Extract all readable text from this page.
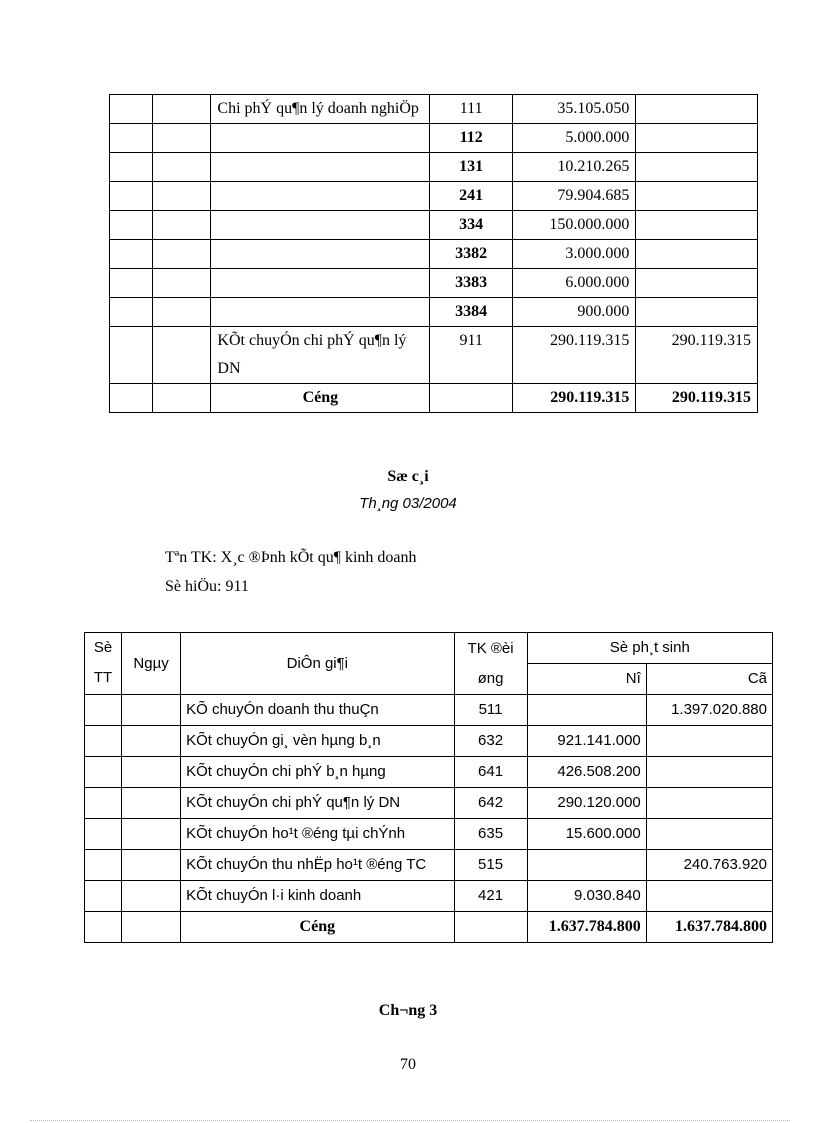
		Chi phÝ qu¶n lý doanh nghiÖp	111	35.105.050	
			112	5.000.000	
			131	10.210.265	
			241	79.904.685	
			334	150.000.000	
			3382	3.000.000	
			3383	6.000.000	
			3384	900.000	
		KÕt chuyÓn chi phÝ qu¶n lý DN	911	290.119.315	290.119.315
		Céng		290.119.315	290.119.315
Sæ c¸i
Th¸ng 03/2004
Tªn TK: X¸c ®Þnh kÕt qu¶ kinh doanh
Sè hiÖu: 911
Sè TT	Ngµy	DiÔn gi¶i	TK ®èi øng	Sè ph¸t sinh	
				Nî	Cã
		KÕ chuyÓn doanh thu thuÇn	511		1.397.020.880
		KÕt chuyÓn gi¸ vèn hµng b¸n	632	921.141.000	
		KÕt chuyÓn chi phÝ b¸n hµng	641	426.508.200	
		KÕt chuyÓn chi phÝ qu¶n lý DN	642	290.120.000	
		KÕt chuyÓn ho¹t ®éng tµi chÝnh	635	15.600.000	
		KÕt chuyÓn thu nhËp ho¹t ®éng TC	515		240.763.920
		KÕt chuyÓn l·i kinh doanh	421	9.030.840	
		Céng		1.637.784.800	1.637.784.800
Ch¬ng 3
70
